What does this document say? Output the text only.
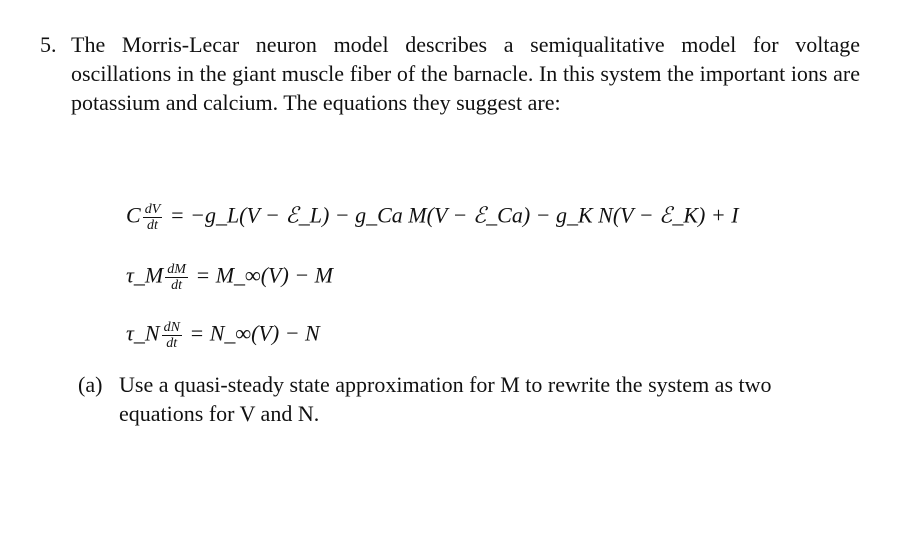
5. The Morris-Lecar neuron model describes a semiqualitative model for voltage oscillations in the giant muscle fiber of the barnacle. In this system the important ions are potassium and calcium. The equations they suggest are:
C $\frac{dV}{dt}$ = −g_L(V − ℰ_L) − g_Ca M(V − ℰ_Ca) − g_K N(V − ℰ_K) + I
τ_M $\frac{dM}{dt}$ = M_∞(V) − M
τ_N $\frac{dN}{dt}$ = N_∞(V) − N
(a) Use a quasi-steady state approximation for M to rewrite the system as two equations for V and N.
